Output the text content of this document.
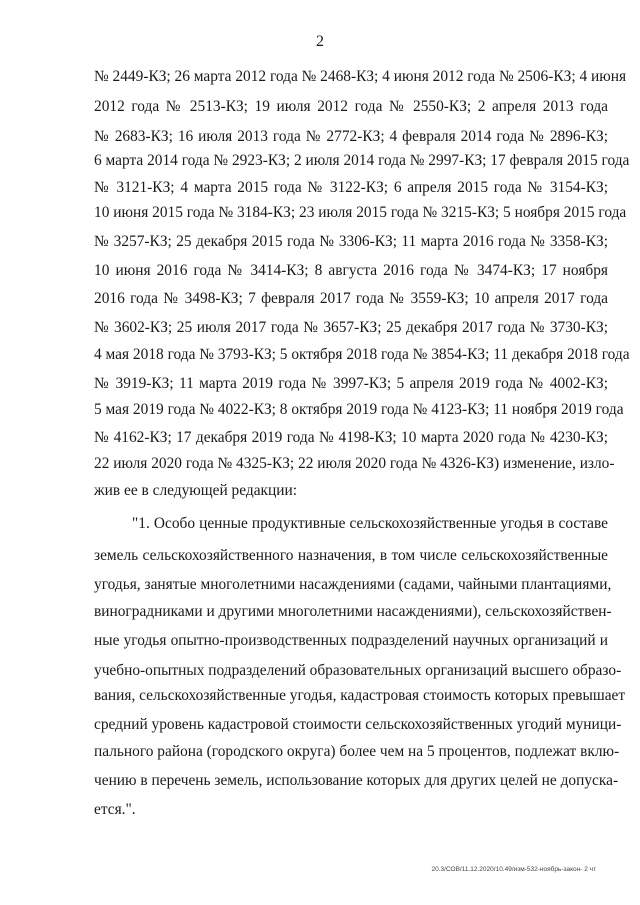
2
№ 2449-КЗ; 26 марта 2012 года № 2468-КЗ; 4 июня 2012 года № 2506-КЗ; 4 июня
2012 года № 2513-КЗ; 19 июля 2012 года № 2550-КЗ; 2 апреля 2013 года
№ 2683-КЗ; 16 июля 2013 года № 2772-КЗ; 4 февраля 2014 года № 2896-КЗ;
6 марта 2014 года № 2923-КЗ; 2 июля 2014 года № 2997-КЗ; 17 февраля 2015 года
№ 3121-КЗ; 4 марта 2015 года № 3122-КЗ; 6 апреля 2015 года № 3154-КЗ;
10 июня 2015 года № 3184-КЗ; 23 июля 2015 года № 3215-КЗ; 5 ноября 2015 года
№ 3257-КЗ; 25 декабря 2015 года № 3306-КЗ; 11 марта 2016 года № 3358-КЗ;
10 июня 2016 года № 3414-КЗ; 8 августа 2016 года № 3474-КЗ; 17 ноября
2016 года № 3498-КЗ; 7 февраля 2017 года № 3559-КЗ; 10 апреля 2017 года
№ 3602-КЗ; 25 июля 2017 года № 3657-КЗ; 25 декабря 2017 года № 3730-КЗ;
4 мая 2018 года № 3793-КЗ; 5 октября 2018 года № 3854-КЗ; 11 декабря 2018 года
№ 3919-КЗ; 11 марта 2019 года № 3997-КЗ; 5 апреля 2019 года № 4002-КЗ;
5 мая 2019 года № 4022-КЗ; 8 октября 2019 года № 4123-КЗ; 11 ноября 2019 года
№ 4162-КЗ; 17 декабря 2019 года № 4198-КЗ; 10 марта 2020 года № 4230-КЗ;
22 июля 2020 года № 4325-КЗ; 22 июля 2020 года № 4326-КЗ) изменение, изло-
жив ее в следующей редакции:
"1. Особо ценные продуктивные сельскохозяйственные угодья в составе
земель сельскохозяйственного назначения, в том числе сельскохозяйственные
угодья, занятые многолетними насаждениями (садами, чайными плантациями,
виноградниками и другими многолетними насаждениями), сельскохозяйствен-
ные угодья опытно-производственных подразделений научных организаций и
учебно-опытных подразделений образовательных организаций высшего образо-
вания, сельскохозяйственные угодья, кадастровая стоимость которых превышает
средний уровень кадастровой стоимости сельскохозяйственных угодий муници-
пального района (городского округа) более чем на 5 процентов, подлежат вклю-
чению в перечень земель, использование которых для других целей не допуска-
ется.".
20.3/СОВ/11.12.2020/10.49/изм-532-ноябрь-закон- 2 чт
